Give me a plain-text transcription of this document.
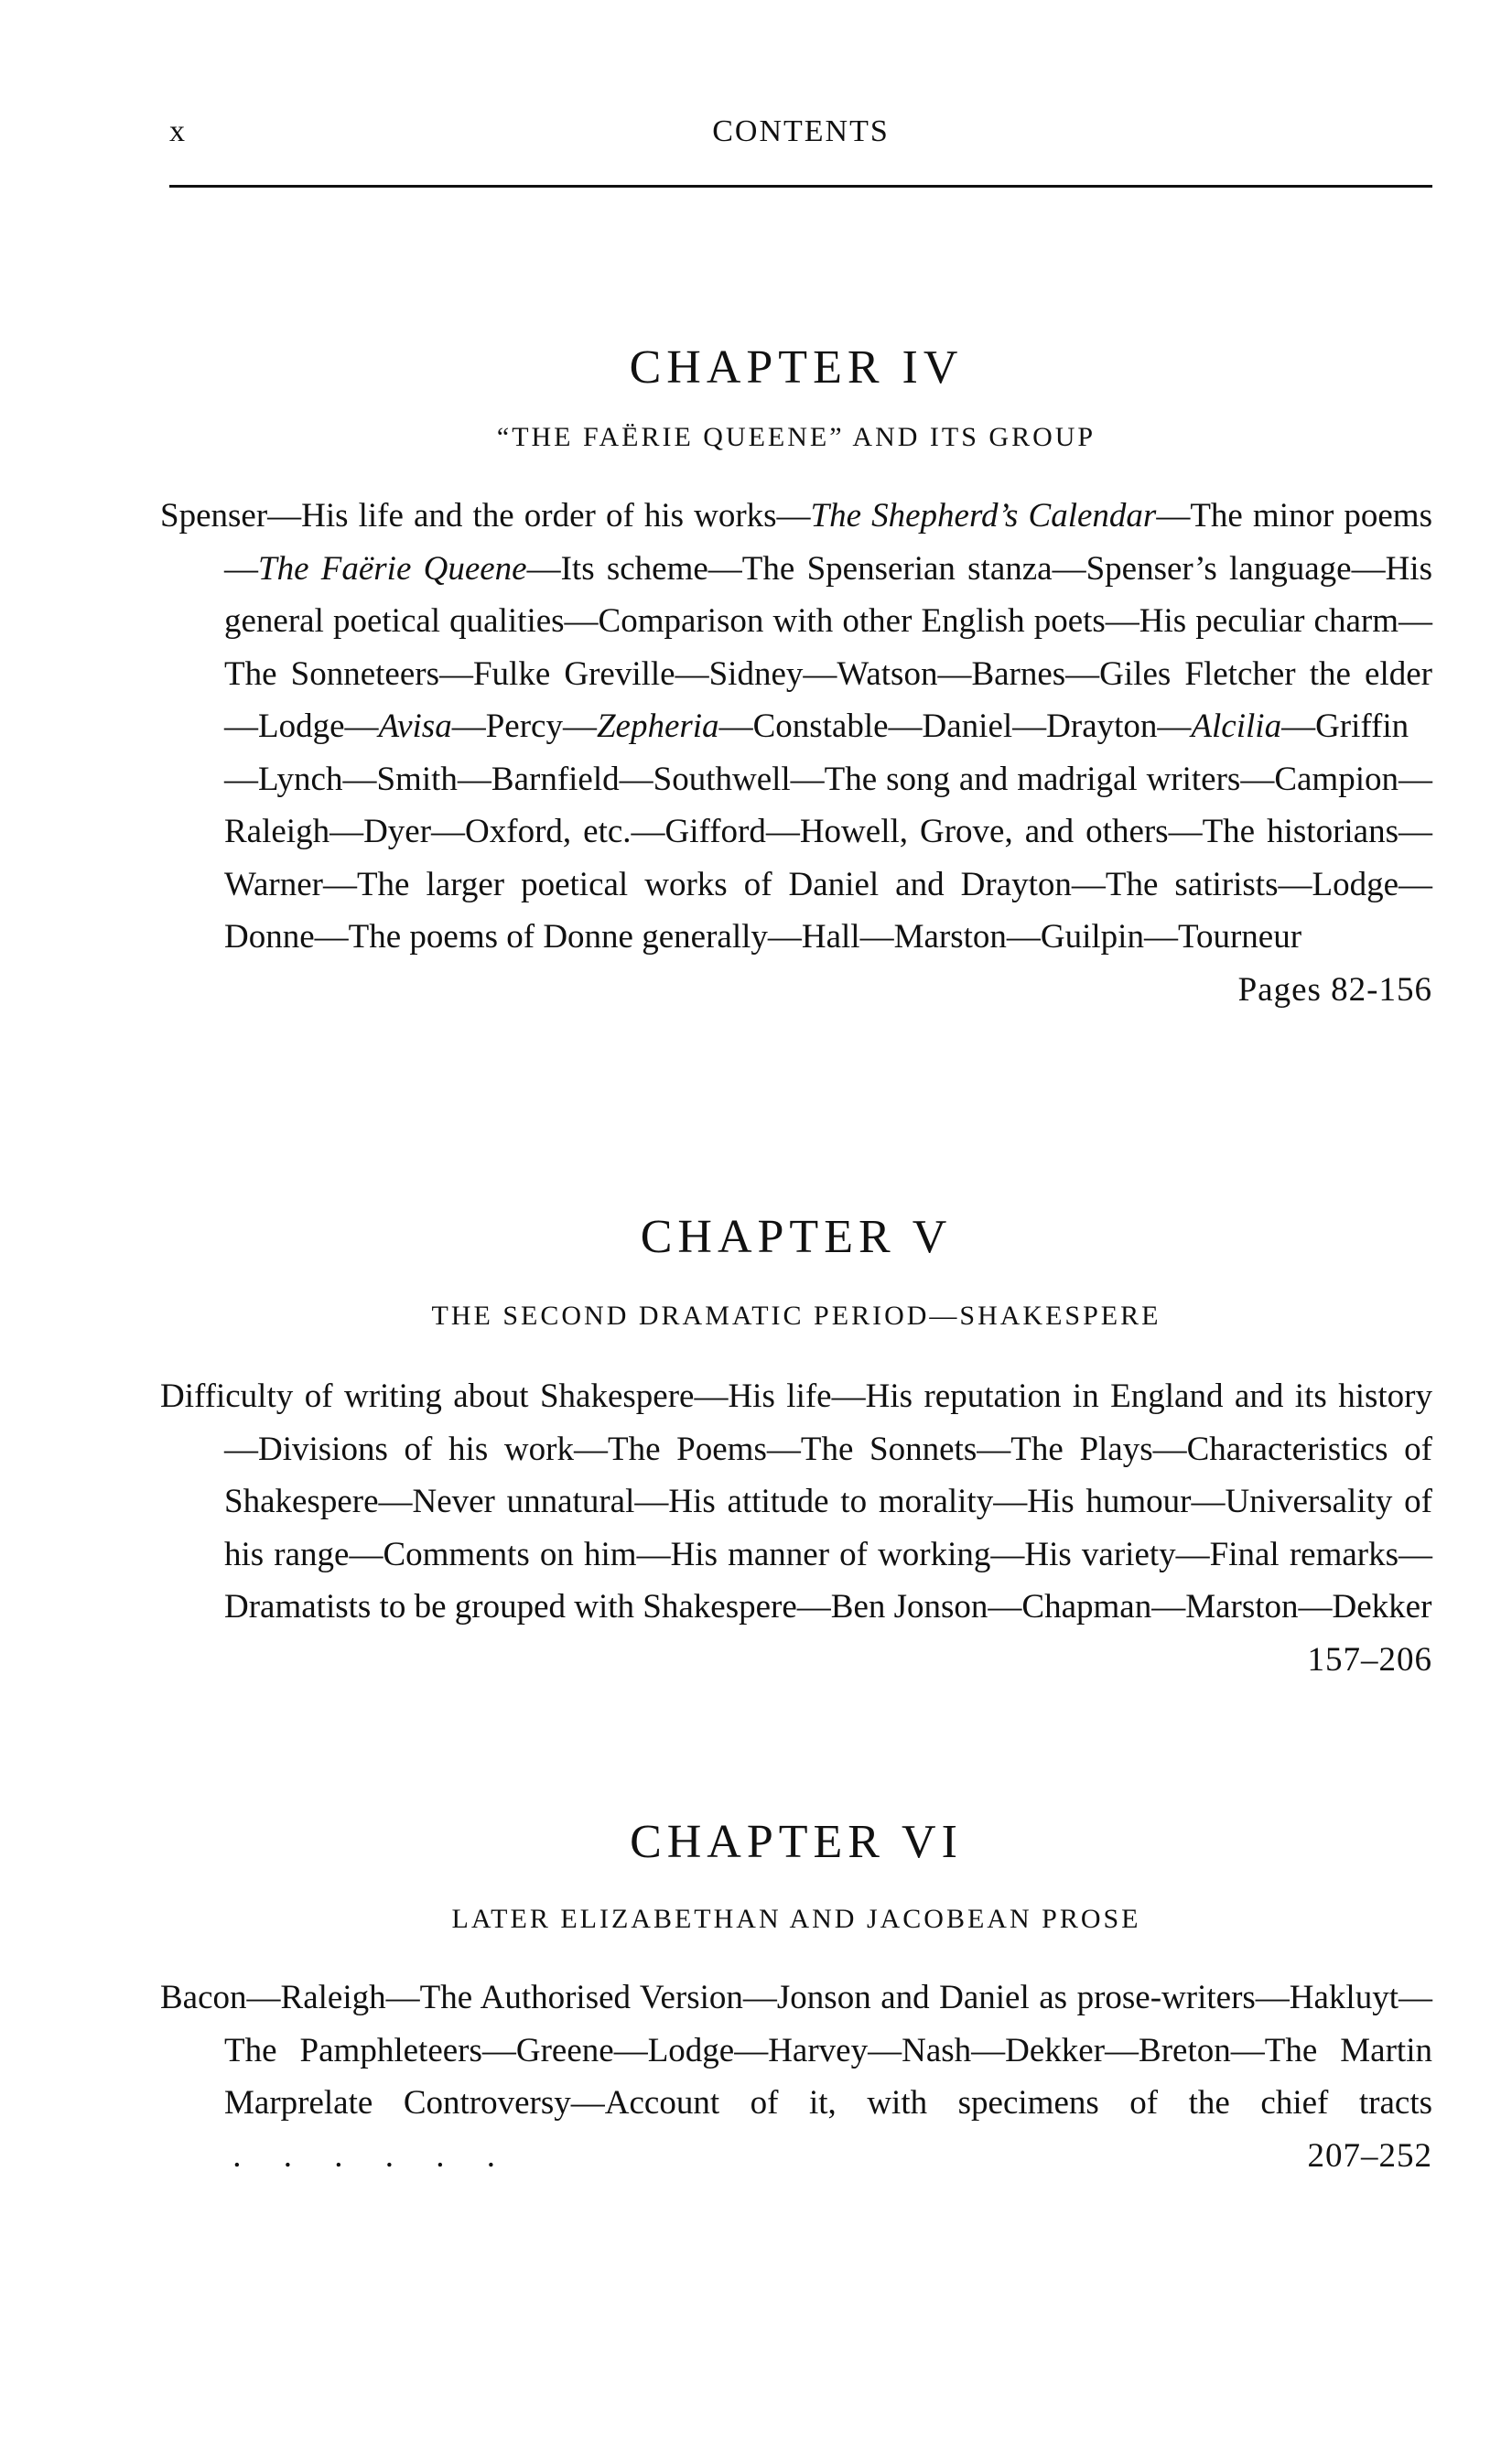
x	CONTENTS
CHAPTER IV
“THE FAËRIE QUEENE” AND ITS GROUP

Spenser—His life and the order of his works—The Shepherd’s Calendar—The minor poems—The Faërie Queene—Its scheme—The Spenserian stanza—Spenser’s language—His general poetical qualities—Comparison with other English poets—His peculiar charm—The Sonneteers—Fulke Greville—Sidney—Watson—Barnes—Giles Fletcher the elder—Lodge—Avisa—Percy—Zepheria—Constable—Daniel—Drayton—Alcilia—Griffin—Lynch—Smith—Barnfield—Southwell—The song and madrigal writers—Campion—Raleigh—Dyer—Oxford, etc.—Gifford—Howell, Grove, and others—The historians—Warner—The larger poetical works of Daniel and Drayton—The satirists—Lodge—Donne—The poems of Donne generally—Hall—Marston—Guilpin—Tourneur
Pages 82-156

CHAPTER V
THE SECOND DRAMATIC PERIOD—SHAKESPERE

Difficulty of writing about Shakespere—His life—His reputation in England and its history—Divisions of his work—The Poems—The Sonnets—The Plays—Characteristics of Shakespere—Never unnatural—His attitude to morality—His humour—Universality of his range—Comments on him—His manner of working—His variety—Final remarks—Dramatists to be grouped with Shakespere—Ben Jonson—Chapman—Marston—Dekker
157–206

CHAPTER VI
LATER ELIZABETHAN AND JACOBEAN PROSE

Bacon—Raleigh—The Authorised Version—Jonson and Daniel as prose-writers—Hakluyt—The Pamphleteers—Greene—Lodge—Harvey—Nash—Dekker—Breton—The Martin Marprelate Controversy—Account of it, with specimens of the chief tracts .     .     .     .     .     .	207–252
